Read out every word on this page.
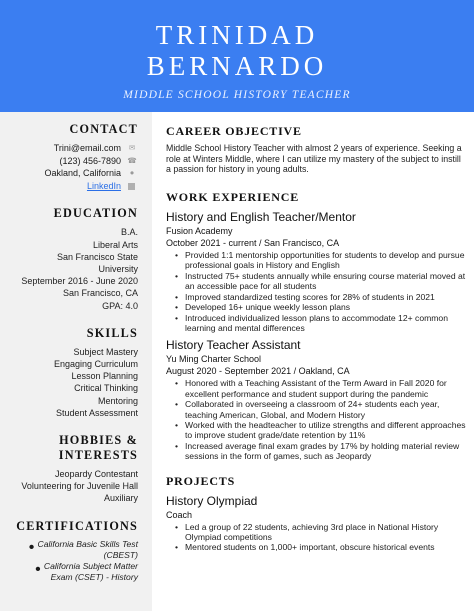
TRINIDAD
BERNARDO
MIDDLE SCHOOL HISTORY TEACHER
CONTACT
Trini@email.com	✉
(123) 456-7890 ☎
Oakland, California	●
LinkedIn
EDUCATION
B.A.
Liberal Arts
San Francisco State
University
September 2016 - June 2020
San Francisco, CA
GPA: 4.0
SKILLS
Subject Mastery
Engaging Curriculum
Lesson Planning
Critical Thinking
Mentoring
Student Assessment
HOBBIES &
INTERESTS
Jeopardy Contestant
Volunteering for Juvenile Hall
Auxiliary
CERTIFICATIONS
• California Basic Skills Test
(CBEST)
• California Subject Matter
Exam (CSET) - History
CAREER OBJECTIVE
Middle School History Teacher with almost 2 years of experience. Seeking a role at Winters Middle, where I can utilize my mastery of the subject to instill a passion for history in young adults.
WORK EXPERIENCE
History and English Teacher/Mentor
Fusion Academy
October 2021 - current / San Francisco, CA
• Provided 1:1 mentorship opportunities for students to develop and pursue professional goals in History and English
• Instructed 75+ students annually while ensuring course material moved at an accessible pace for all students
• Improved standardized testing scores for 28% of students in 2021
• Developed 16+ unique weekly lesson plans
• Introduced individualized lesson plans to accommodate 12+ common learning and mental differences
History Teacher Assistant
Yu Ming Charter School
August 2020 - September 2021 / Oakland, CA
• Honored with a Teaching Assistant of the Term Award in Fall 2020 for excellent performance and student support during the pandemic
• Collaborated in overseeing a classroom of 24+ students each year, teaching American, Global, and Modern History
• Worked with the headteacher to utilize strengths and different approaches to improve student grade/date retention by 11%
• Increased average final exam grades by 17% by holding material review sessions in the form of games, such as Jeopardy
PROJECTS
History Olympiad
Coach
• Led a group of 22 students, achieving 3rd place in National History Olympiad competitions
• Mentored students on 1,000+ important, obscure historical events
